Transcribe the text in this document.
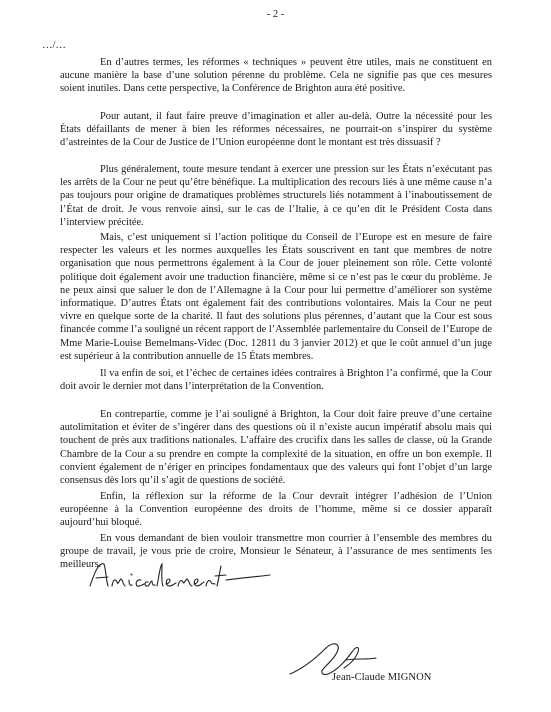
- 2 -
…/…

En d’autres termes, les réformes « techniques » peuvent être utiles, mais ne constituent en aucune manière la base d’une solution pérenne du problème. Cela ne signifie pas que ces mesures soient inutiles. Dans cette perspective, la Conférence de Brighton aura été positive.

Pour autant, il faut faire preuve d’imagination et aller au-delà. Outre la nécessité pour les États défaillants de mener à bien les réformes nécessaires, ne pourrait-on s’inspirer du système d’astreintes de la Cour de Justice de l’Union européenne dont le montant est très dissuasif ?

Plus généralement, toute mesure tendant à exercer une pression sur les États n’exécutant pas les arrêts de la Cour ne peut qu’être bénéfique. La multiplication des recours liés à une même cause n’a pas toujours pour origine de dramatiques problèmes structurels liés notamment à l’inaboutissement de l’État de droit. Je vous renvoie ainsi, sur le cas de l’Italie, à ce qu’en dit le Président Costa dans l’interview précitée.

Mais, c’est uniquement si l’action politique du Conseil de l’Europe est en mesure de faire respecter les valeurs et les normes auxquelles les États souscrivent en tant que membres de notre organisation que nous permettrons également à la Cour de jouer pleinement son rôle. Cette volonté politique doit également avoir une traduction financière, même si ce n’est pas le cœur du problème. Je ne peux ainsi que saluer le don de l’Allemagne à la Cour pour lui permettre d’améliorer son système informatique. D’autres États ont également fait des contributions volontaires. Mais la Cour ne peut vivre en quelque sorte de la charité. Il faut des solutions plus pérennes, d’autant que la Cour est sous financée comme l’a souligné un récent rapport de l’Assemblée parlementaire du Conseil de l’Europe de Mme Marie-Louise Bemelmans-Videc (Doc. 12811 du 3 janvier 2012) et que le coût annuel d’un juge est supérieur à la contribution annuelle de 15 États membres.

Il va enfin de soi, et l’échec de certaines idées contraires à Brighton l’a confirmé, que la Cour doit avoir le dernier mot dans l’interprétation de la Convention.

En contrepartie, comme je l’ai souligné à Brighton, la Cour doit faire preuve d’une certaine autolimitation et éviter de s’ingérer dans des questions où il n’existe aucun impératif absolu mais qui touchent de près aux traditions nationales. L’affaire des crucifix dans les salles de classe, où la Grande Chambre de la Cour a su prendre en compte la complexité de la situation, en offre un bon exemple. Il convient également de n’ériger en principes fondamentaux que des valeurs qui font l’objet d’un large consensus dès lors qu’il s’agit de questions de société.

Enfin, la réflexion sur la réforme de la Cour devrait intégrer l’adhésion de l’Union européenne à la Convention européenne des droits de l’homme, même si ce dossier apparaît aujourd’hui bloqué.

En vous demandant de bien vouloir transmettre mon courrier à l’ensemble des membres du groupe de travail, je vous prie de croire, Monsieur le Sénateur, à l’assurance de mes sentiments les meilleurs.

Jean-Claude MIGNON
